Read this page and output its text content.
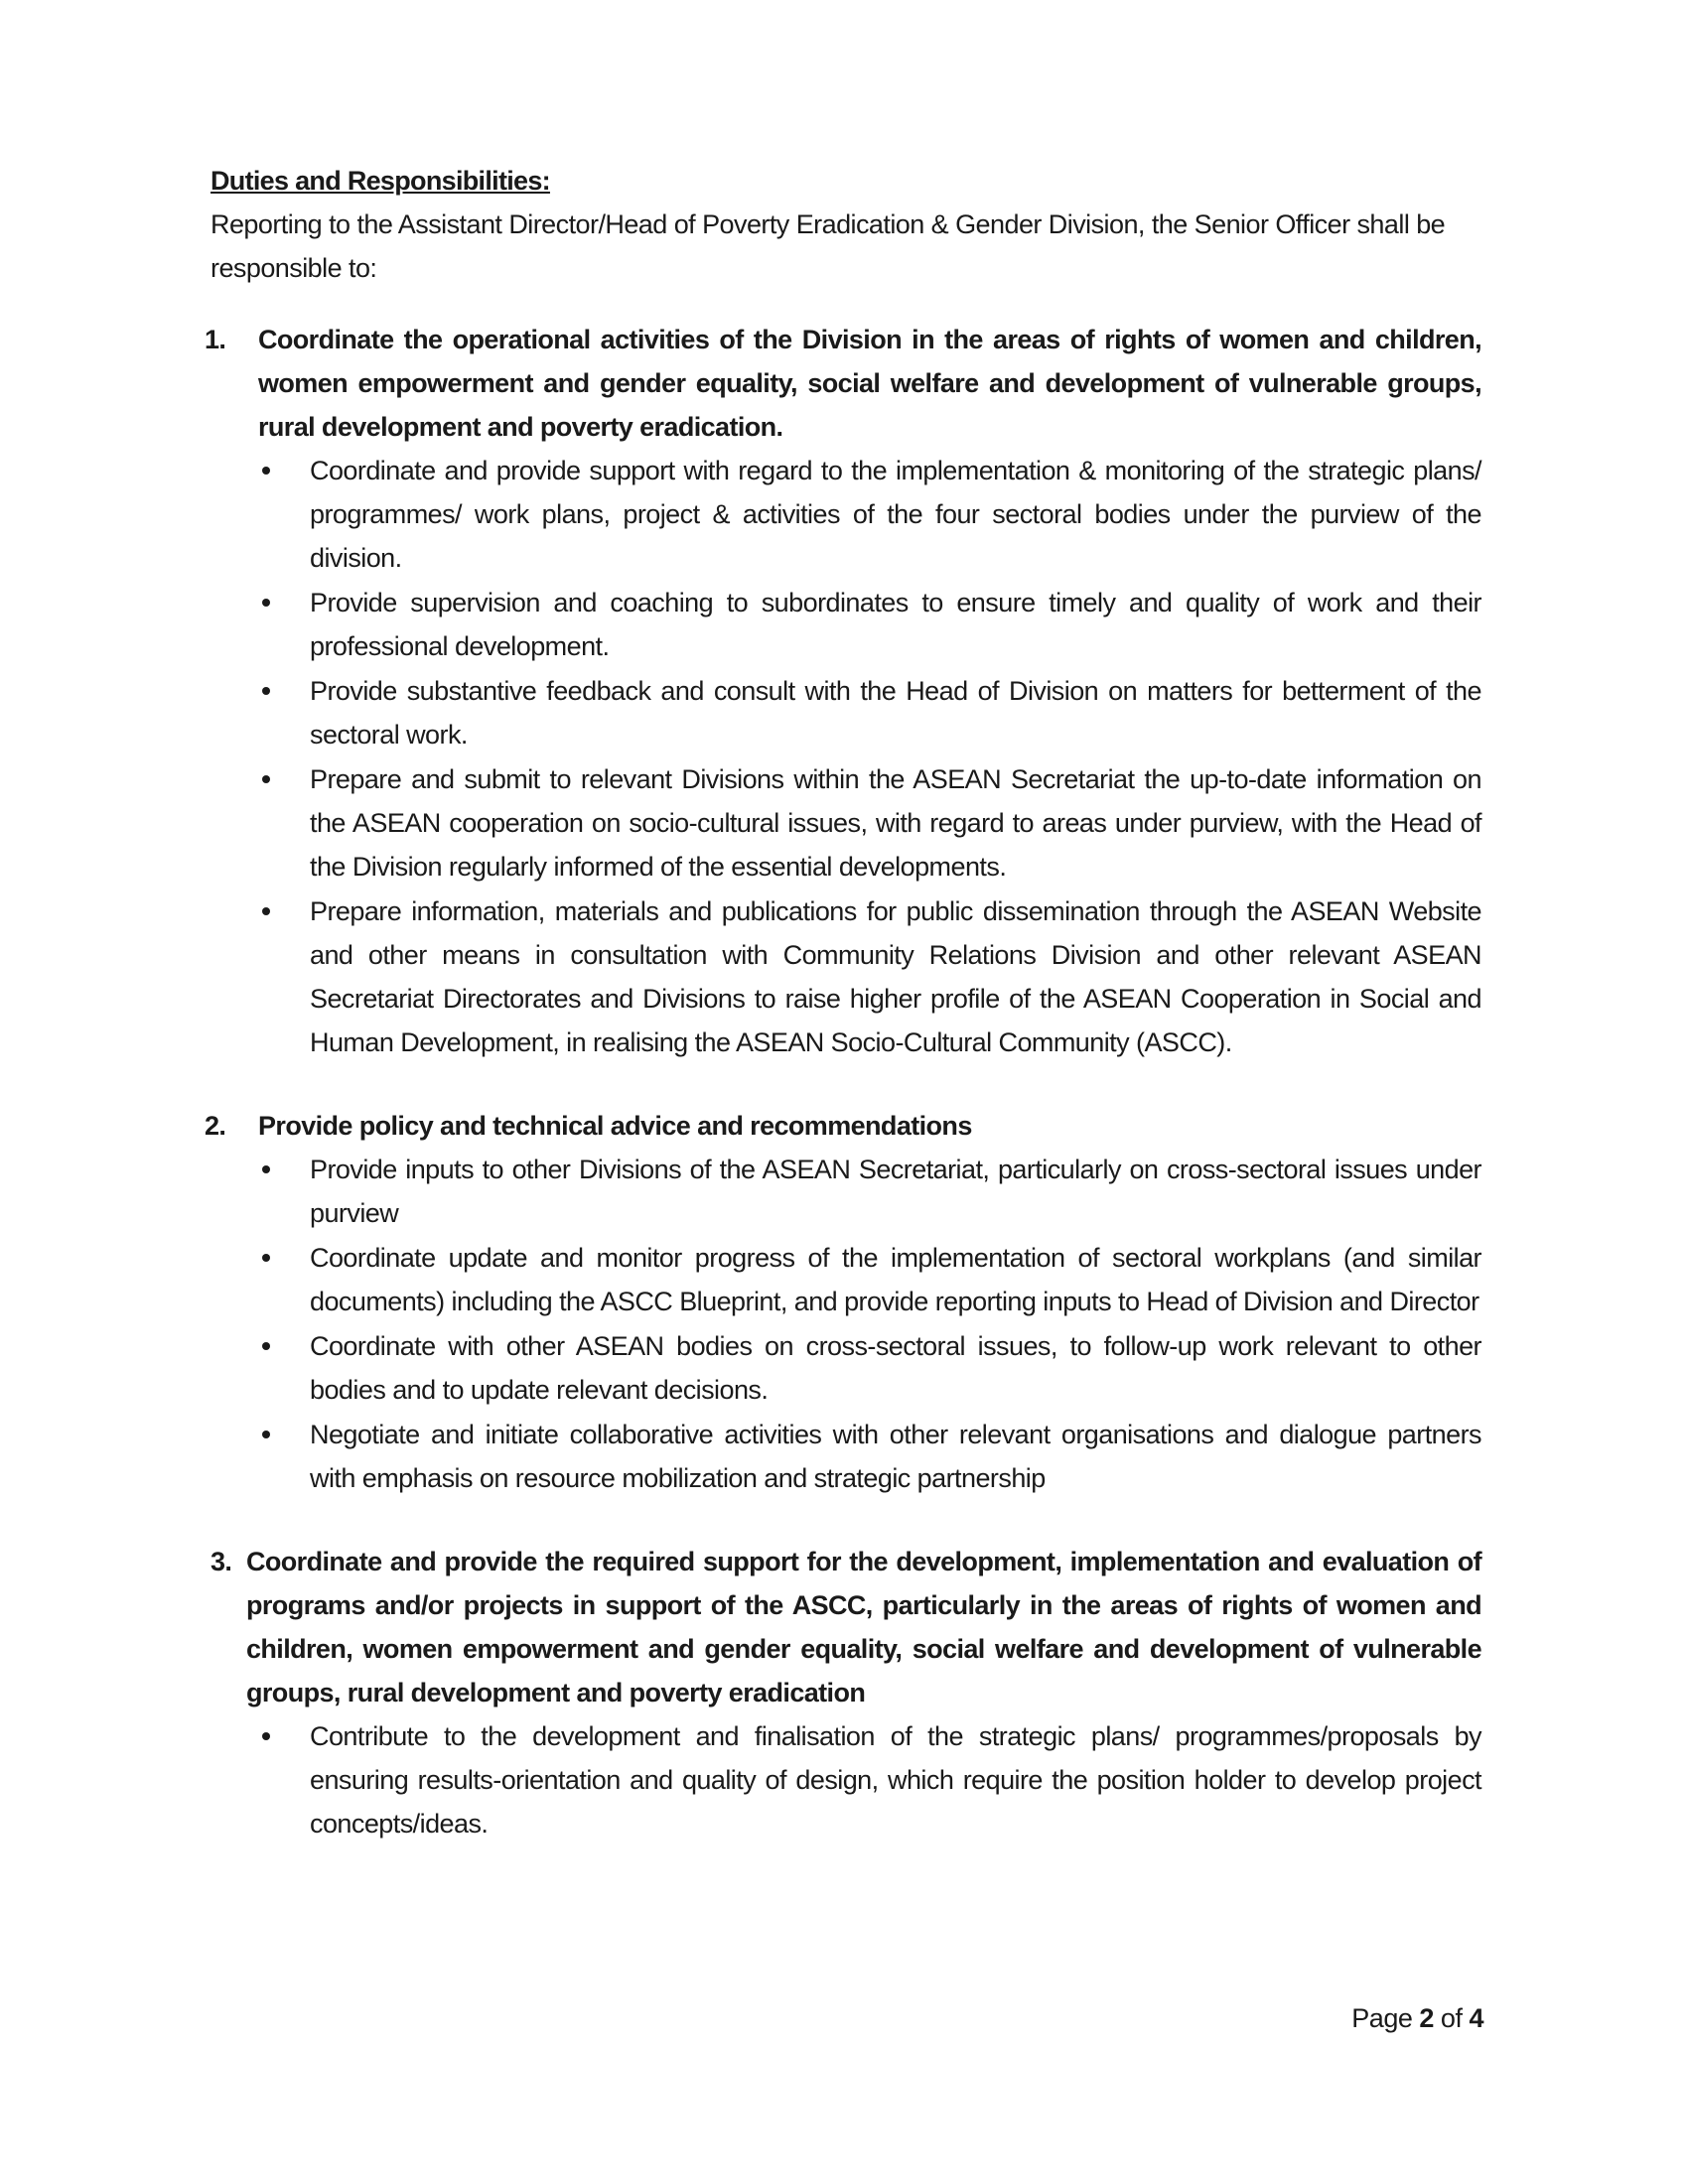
Duties and Responsibilities:

Reporting to the Assistant Director/Head of Poverty Eradication & Gender Division, the Senior Officer shall be responsible to:

1. Coordinate the operational activities of the Division in the areas of rights of women and children, women empowerment and gender equality, social welfare and development of vulnerable groups, rural development and poverty eradication.
Coordinate and provide support with regard to the implementation & monitoring of the strategic plans/ programmes/ work plans, project & activities of the four sectoral bodies under the purview of the division.
Provide supervision and coaching to subordinates to ensure timely and quality of work and their professional development.
Provide substantive feedback and consult with the Head of Division on matters for betterment of the sectoral work.
Prepare and submit to relevant Divisions within the ASEAN Secretariat the up-to-date information on the ASEAN cooperation on socio-cultural issues, with regard to areas under purview, with the Head of the Division regularly informed of the essential developments.
Prepare information, materials and publications for public dissemination through the ASEAN Website and other means in consultation with Community Relations Division and other relevant ASEAN Secretariat Directorates and Divisions to raise higher profile of the ASEAN Cooperation in Social and Human Development, in realising the ASEAN Socio-Cultural Community (ASCC).
2. Provide policy and technical advice and recommendations
Provide inputs to other Divisions of the ASEAN Secretariat, particularly on cross-sectoral issues under purview
Coordinate update and monitor progress of the implementation of sectoral workplans (and similar documents) including the ASCC Blueprint, and provide reporting inputs to Head of Division and Director
Coordinate with other ASEAN bodies on cross-sectoral issues, to follow-up work relevant to other bodies and to update relevant decisions.
Negotiate and initiate collaborative activities with other relevant organisations and dialogue partners with emphasis on resource mobilization and strategic partnership
3. Coordinate and provide the required support for the development, implementation and evaluation of programs and/or projects in support of the ASCC, particularly in the areas of rights of women and children, women empowerment and gender equality, social welfare and development of vulnerable groups, rural development and poverty eradication
Contribute to the development and finalisation of the strategic plans/ programmes/proposals by ensuring results-orientation and quality of design, which require the position holder to develop project concepts/ideas.
Page 2 of 4
